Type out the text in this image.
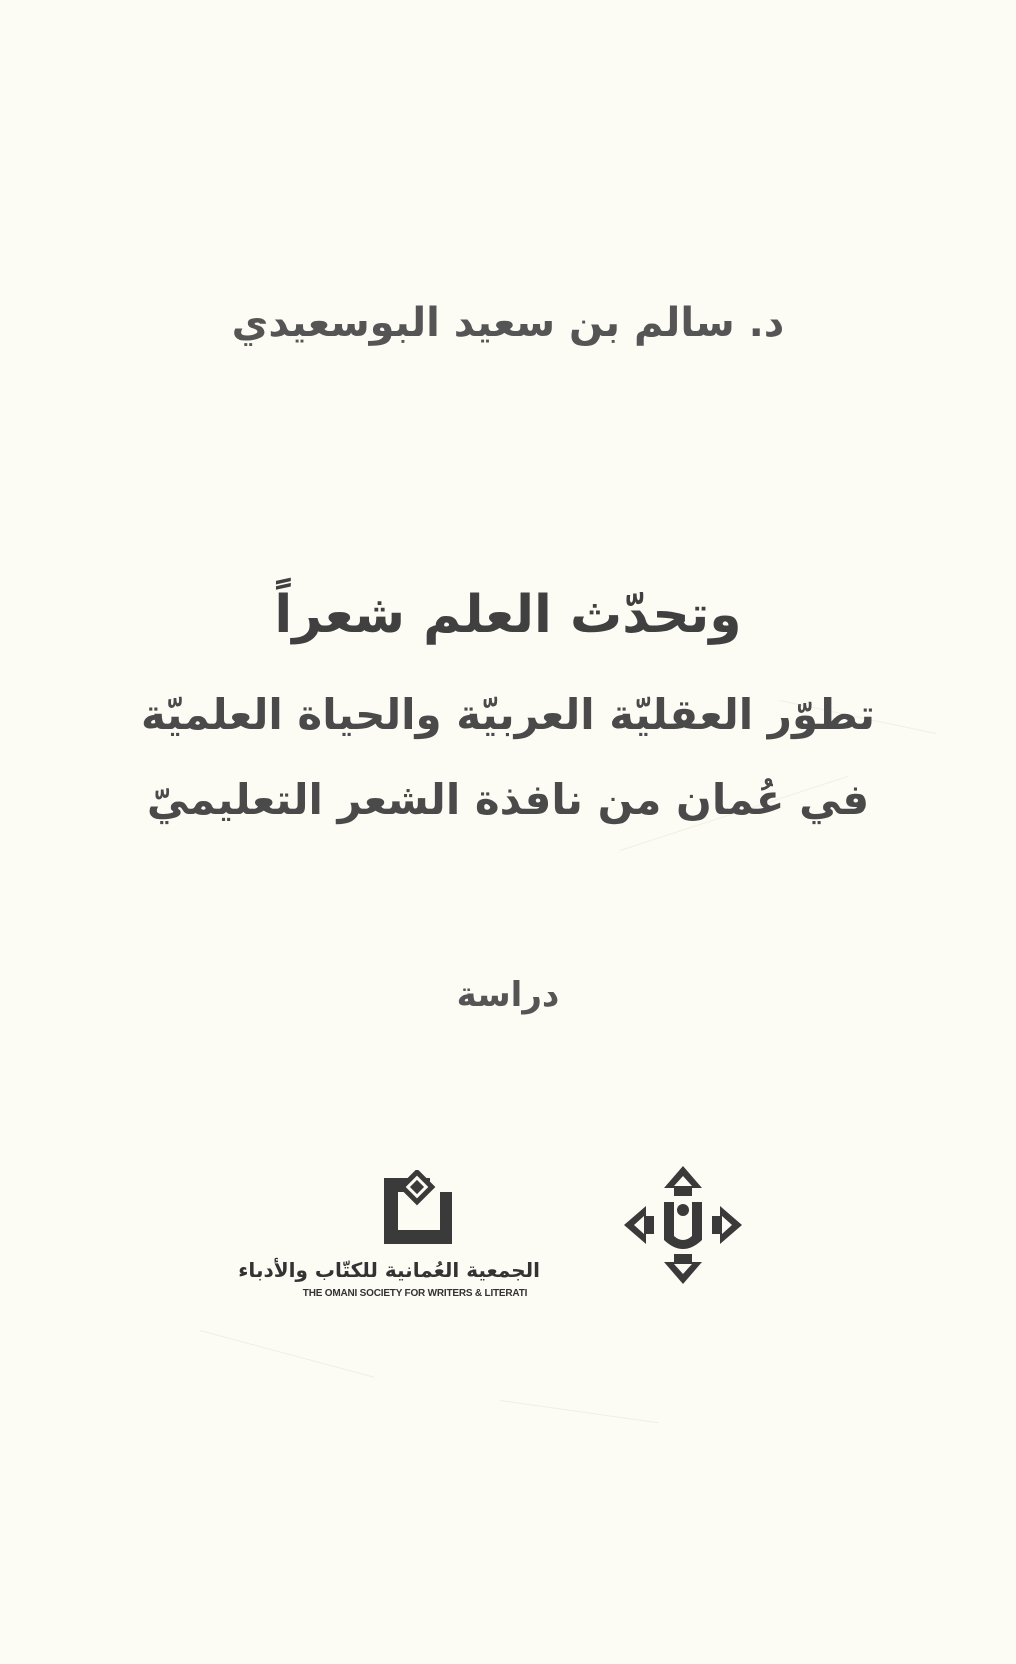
د. سالم بن سعيد البوسعيدي
وتحدّث العلم شعراً
تطوّر العقليّة العربيّة والحياة العلميّة
في عُمان من نافذة الشعر التعليميّ
دراسة
الجمعية العُمانية للكتّاب والأدباء
THE OMANI SOCIETY FOR WRITERS & LITERATI
